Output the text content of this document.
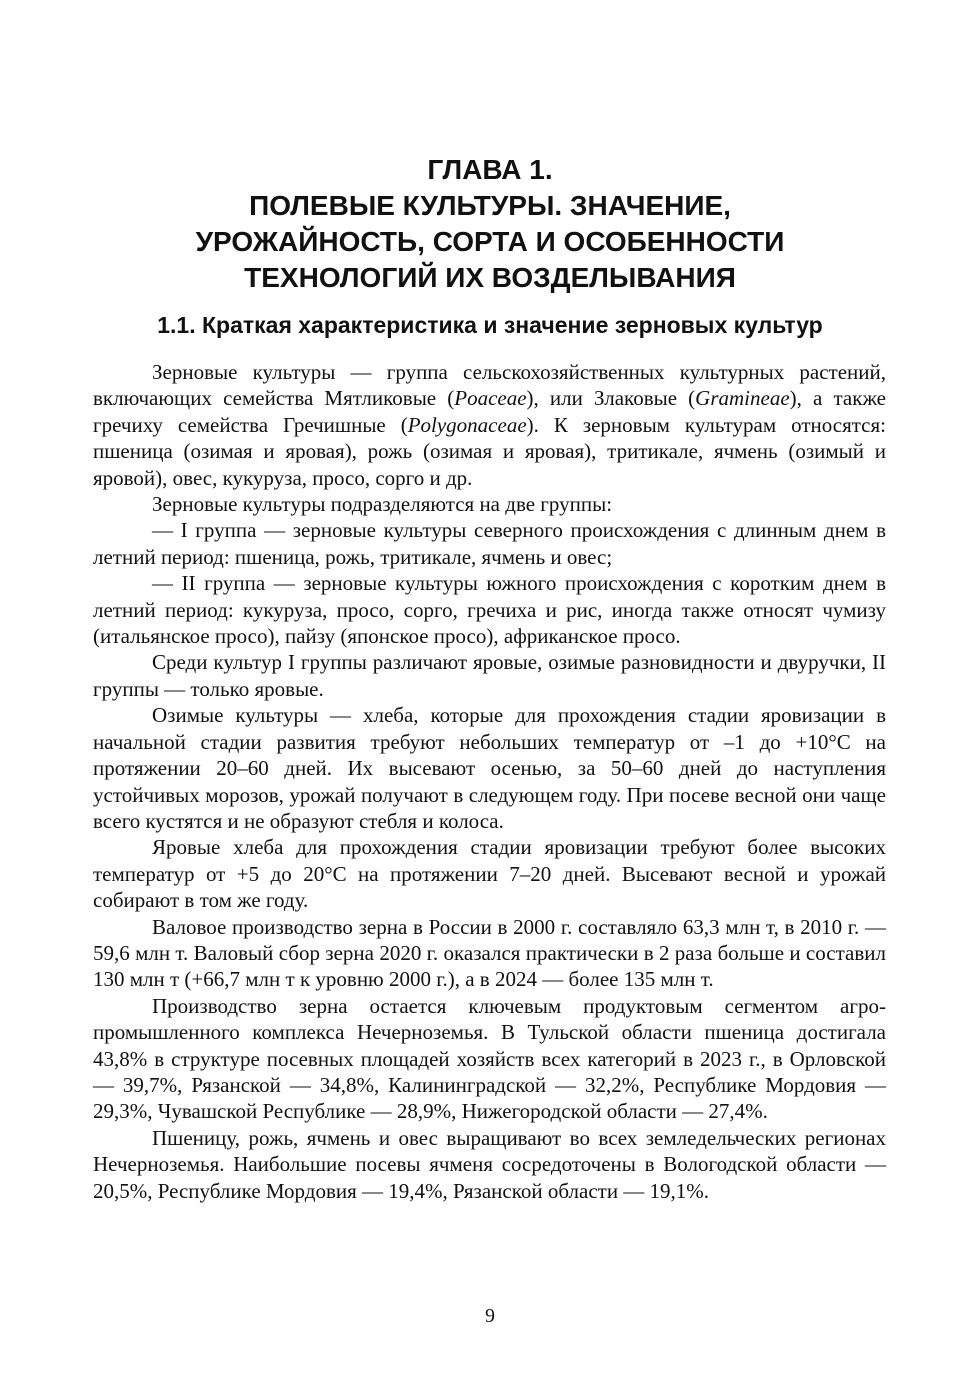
ГЛАВА 1.
ПОЛЕВЫЕ КУЛЬТУРЫ. ЗНАЧЕНИЕ,
УРОЖАЙНОСТЬ, СОРТА И ОСОБЕННОСТИ
ТЕХНОЛОГИЙ ИХ ВОЗДЕЛЫВАНИЯ
1.1. Краткая характеристика и значение зерновых культур

Зерновые культуры — группа сельскохозяйственных культурных растений, включающих семейства Мятликовые (Poaceae), или Злаковые (Gramineae), а также гречиху семейства Гречишные (Polygonaceae). К зерновым культурам относятся: пшеница (озимая и яровая), рожь (озимая и яровая), тритикале, ячмень (озимый и яровой), овес, кукуруза, просо, сорго и др.

Зерновые культуры подразделяются на две группы:

— I группа — зерновые культуры северного происхождения с длинным днем в летний период: пшеница, рожь, тритикале, ячмень и овес;

— II группа — зерновые культуры южного происхождения с коротким днем в летний период: кукуруза, просо, сорго, гречиха и рис, иногда также относят чумизу (итальянское просо), пайзу (японское просо), африканское просо.

Среди культур I группы различают яровые, озимые разновидности и двуручки, II группы — только яровые.

Озимые культуры — хлеба, которые для прохождения стадии яровизации в начальной стадии развития требуют небольших температур от –1 до +10°С на протяжении 20–60 дней. Их высевают осенью, за 50–60 дней до наступления устойчивых морозов, урожай получают в следующем году. При посеве весной они чаще всего кустятся и не образуют стебля и колоса.

Яровые хлеба для прохождения стадии яровизации требуют более высоких температур от +5 до 20°С на протяжении 7–20 дней. Высевают весной и урожай собирают в том же году.

Валовое производство зерна в России в 2000 г. составляло 63,3 млн т, в 2010 г. — 59,6 млн т. Валовый сбор зерна 2020 г. оказался практически в 2 раза больше и составил 130 млн т (+66,7 млн т к уровню 2000 г.), а в 2024 — более 135 млн т.

Производство зерна остается ключевым продуктовым сегментом агропромышленного комплекса Нечерноземья. В Тульской области пшеница достигала 43,8% в структуре посевных площадей хозяйств всех категорий в 2023 г., в Орловской — 39,7%, Рязанской — 34,8%, Калининградской — 32,2%, Республике Мордовия — 29,3%, Чувашской Республике — 28,9%, Нижегородской области — 27,4%.

Пшеницу, рожь, ячмень и овес выращивают во всех земледельческих регионах Нечерноземья. Наибольшие посевы ячменя сосредоточены в Вологодской области — 20,5%, Республике Мордовия — 19,4%, Рязанской области — 19,1%.

9
